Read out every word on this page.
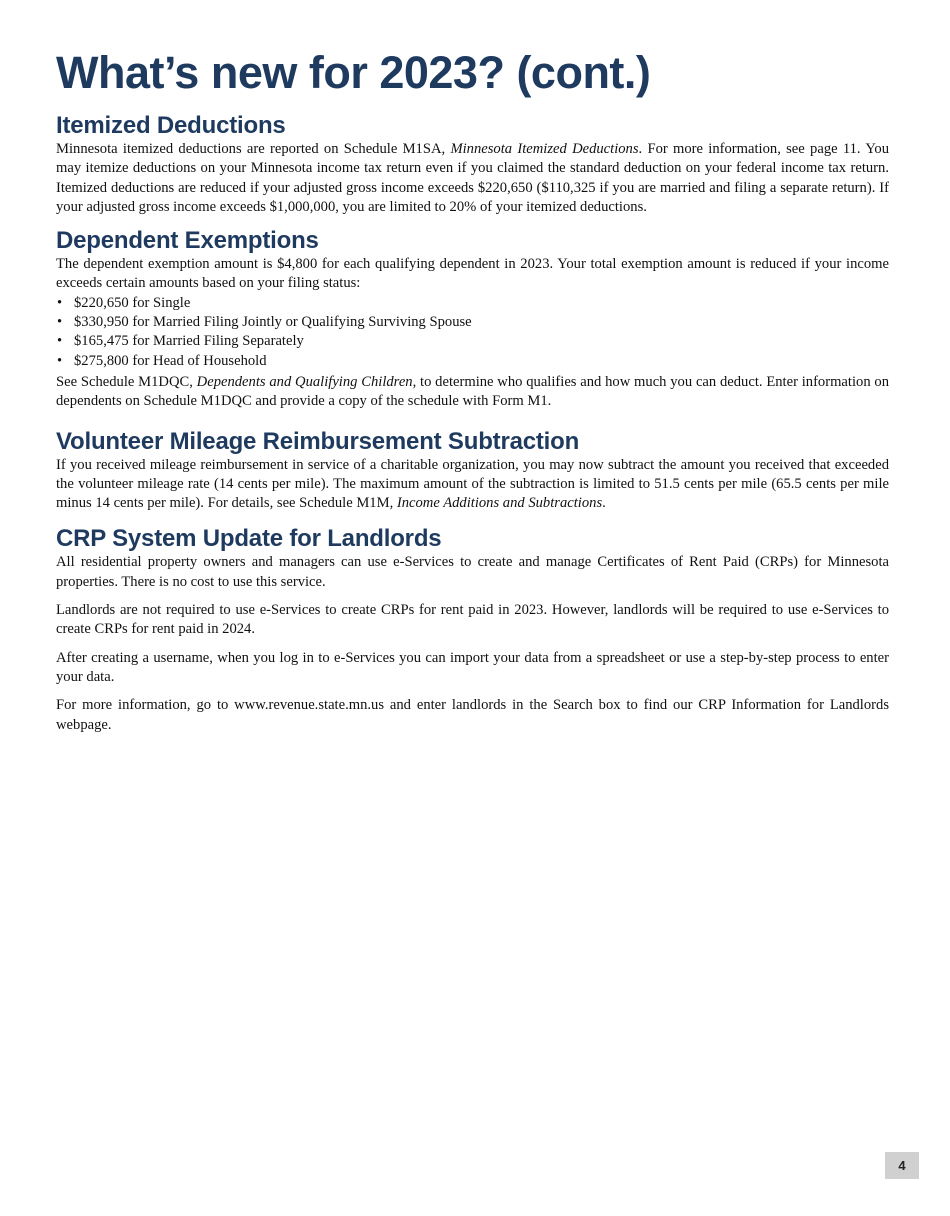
What’s new for 2023? (cont.)
Itemized Deductions

Minnesota itemized deductions are reported on Schedule M1SA, Minnesota Itemized Deductions. For more information, see page 11. You may itemize deductions on your Minnesota income tax return even if you claimed the standard deduction on your federal income tax return. Itemized deductions are reduced if your adjusted gross income exceeds $220,650 ($110,325 if you are married and filing a separate return). If your adjusted gross income exceeds $1,000,000, you are limited to 20% of your itemized deductions.

Dependent Exemptions

The dependent exemption amount is $4,800 for each qualifying dependent in 2023. Your total exemption amount is reduced if your income exceeds certain amounts based on your filing status:

• $220,650 for Single
• $330,950 for Married Filing Jointly or Qualifying Surviving Spouse
• $165,475 for Married Filing Separately
• $275,800 for Head of Household

See Schedule M1DQC, Dependents and Qualifying Children, to determine who qualifies and how much you can deduct. Enter information on dependents on Schedule M1DQC and provide a copy of the schedule with Form M1.

Volunteer Mileage Reimbursement Subtraction

If you received mileage reimbursement in service of a charitable organization, you may now subtract the amount you received that exceeded the volunteer mileage rate (14 cents per mile). The maximum amount of the subtraction is limited to 51.5 cents per mile (65.5 cents per mile minus 14 cents per mile). For details, see Schedule M1M, Income Additions and Subtractions.

CRP System Update for Landlords

All residential property owners and managers can use e-Services to create and manage Certificates of Rent Paid (CRPs) for Minnesota properties. There is no cost to use this service.

Landlords are not required to use e-Services to create CRPs for rent paid in 2023. However, landlords will be required to use e-Services to create CRPs for rent paid in 2024.

After creating a username, when you log in to e-Services you can import your data from a spreadsheet or use a step-by-step process to enter your data.

For more information, go to www.revenue.state.mn.us and enter landlords in the Search box to find our CRP Information for Landlords webpage.

4
